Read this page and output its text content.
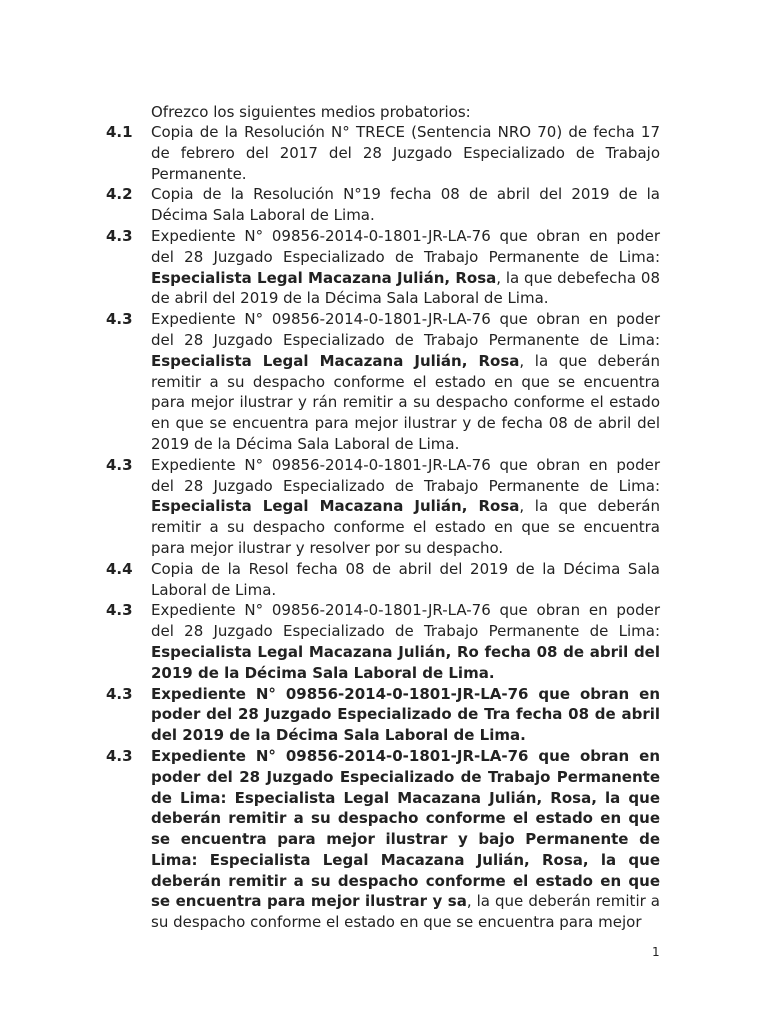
Ofrezco los siguientes medios probatorios:
4.1 Copia de la Resolución N° TRECE (Sentencia NRO 70) de fecha 17 de febrero del 2017 del 28 Juzgado Especializado de Trabajo Permanente.
4.2 Copia de la Resolución N°19 fecha 08 de abril del 2019 de la Décima Sala Laboral de Lima.
4.3 Expediente N° 09856-2014-0-1801-JR-LA-76 que obran en poder del 28 Juzgado Especializado de Trabajo Permanente de Lima: Especialista Legal Macazana Julián, Rosa, la que debefecha 08 de abril del 2019 de la Décima Sala Laboral de Lima.
4.3 Expediente N° 09856-2014-0-1801-JR-LA-76 que obran en poder del 28 Juzgado Especializado de Trabajo Permanente de Lima: Especialista Legal Macazana Julián, Rosa, la que deberán remitir a su despacho conforme el estado en que se encuentra para mejor ilustrar y rán remitir a su despacho conforme el estado en que se encuentra para mejor ilustrar y de fecha 08 de abril del 2019 de la Décima Sala Laboral de Lima.
4.3 Expediente N° 09856-2014-0-1801-JR-LA-76 que obran en poder del 28 Juzgado Especializado de Trabajo Permanente de Lima: Especialista Legal Macazana Julián, Rosa, la que deberán remitir a su despacho conforme el estado en que se encuentra para mejor ilustrar y resolver por su despacho.
4.4 Copia de la Resol fecha 08 de abril del 2019 de la Décima Sala Laboral de Lima.
4.3 Expediente N° 09856-2014-0-1801-JR-LA-76 que obran en poder del 28 Juzgado Especializado de Trabajo Permanente de Lima: Especialista Legal Macazana Julián, Ro fecha 08 de abril del 2019 de la Décima Sala Laboral de Lima.
4.3 Expediente N° 09856-2014-0-1801-JR-LA-76 que obran en poder del 28 Juzgado Especializado de Tra fecha 08 de abril del 2019 de la Décima Sala Laboral de Lima.
4.3 Expediente N° 09856-2014-0-1801-JR-LA-76 que obran en poder del 28 Juzgado Especializado de Trabajo Permanente de Lima: Especialista Legal Macazana Julián, Rosa, la que deberán remitir a su despacho conforme el estado en que se encuentra para mejor ilustrar y bajo Permanente de Lima: Especialista Legal Macazana Julián, Rosa, la que deberán remitir a su despacho conforme el estado en que se encuentra para mejor ilustrar y sa, la que deberán remitir a su despacho conforme el estado en que se encuentra para mejor
1
